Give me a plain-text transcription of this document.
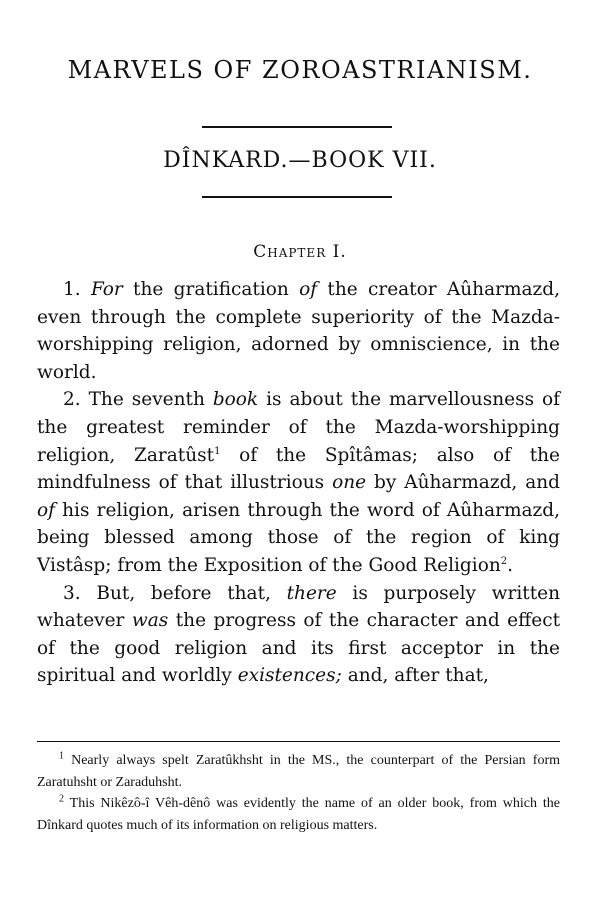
MARVELS OF ZOROASTRIANISM.
DÎNKARD.—BOOK VII.
Chapter I.

1. For the gratification of the creator Aûharmazd, even through the complete superiority of the Mazda-worshipping religion, adorned by omniscience, in the world.

2. The seventh book is about the marvellousness of the greatest reminder of the Mazda-worshipping religion, Zaratûst$^1$ of the Spîtâmas; also of the mindfulness of that illustrious one by Aûharmazd, and of his religion, arisen through the word of Aûharmazd, being blessed among those of the region of king Vistâsp; from the Exposition of the Good Religion$^2$.

3. But, before that, there is purposely written whatever was the progress of the character and effect of the good religion and its first acceptor in the spiritual and worldly existences; and, after that,

$^1$ Nearly always spelt Zaratûkhsht in the MS., the counterpart of the Persian form Zaratuhsht or Zaraduhsht.

$^2$ This Nikêzô-î Vêh-dênô was evidently the name of an older book, from which the Dînkard quotes much of its information on religious matters.
